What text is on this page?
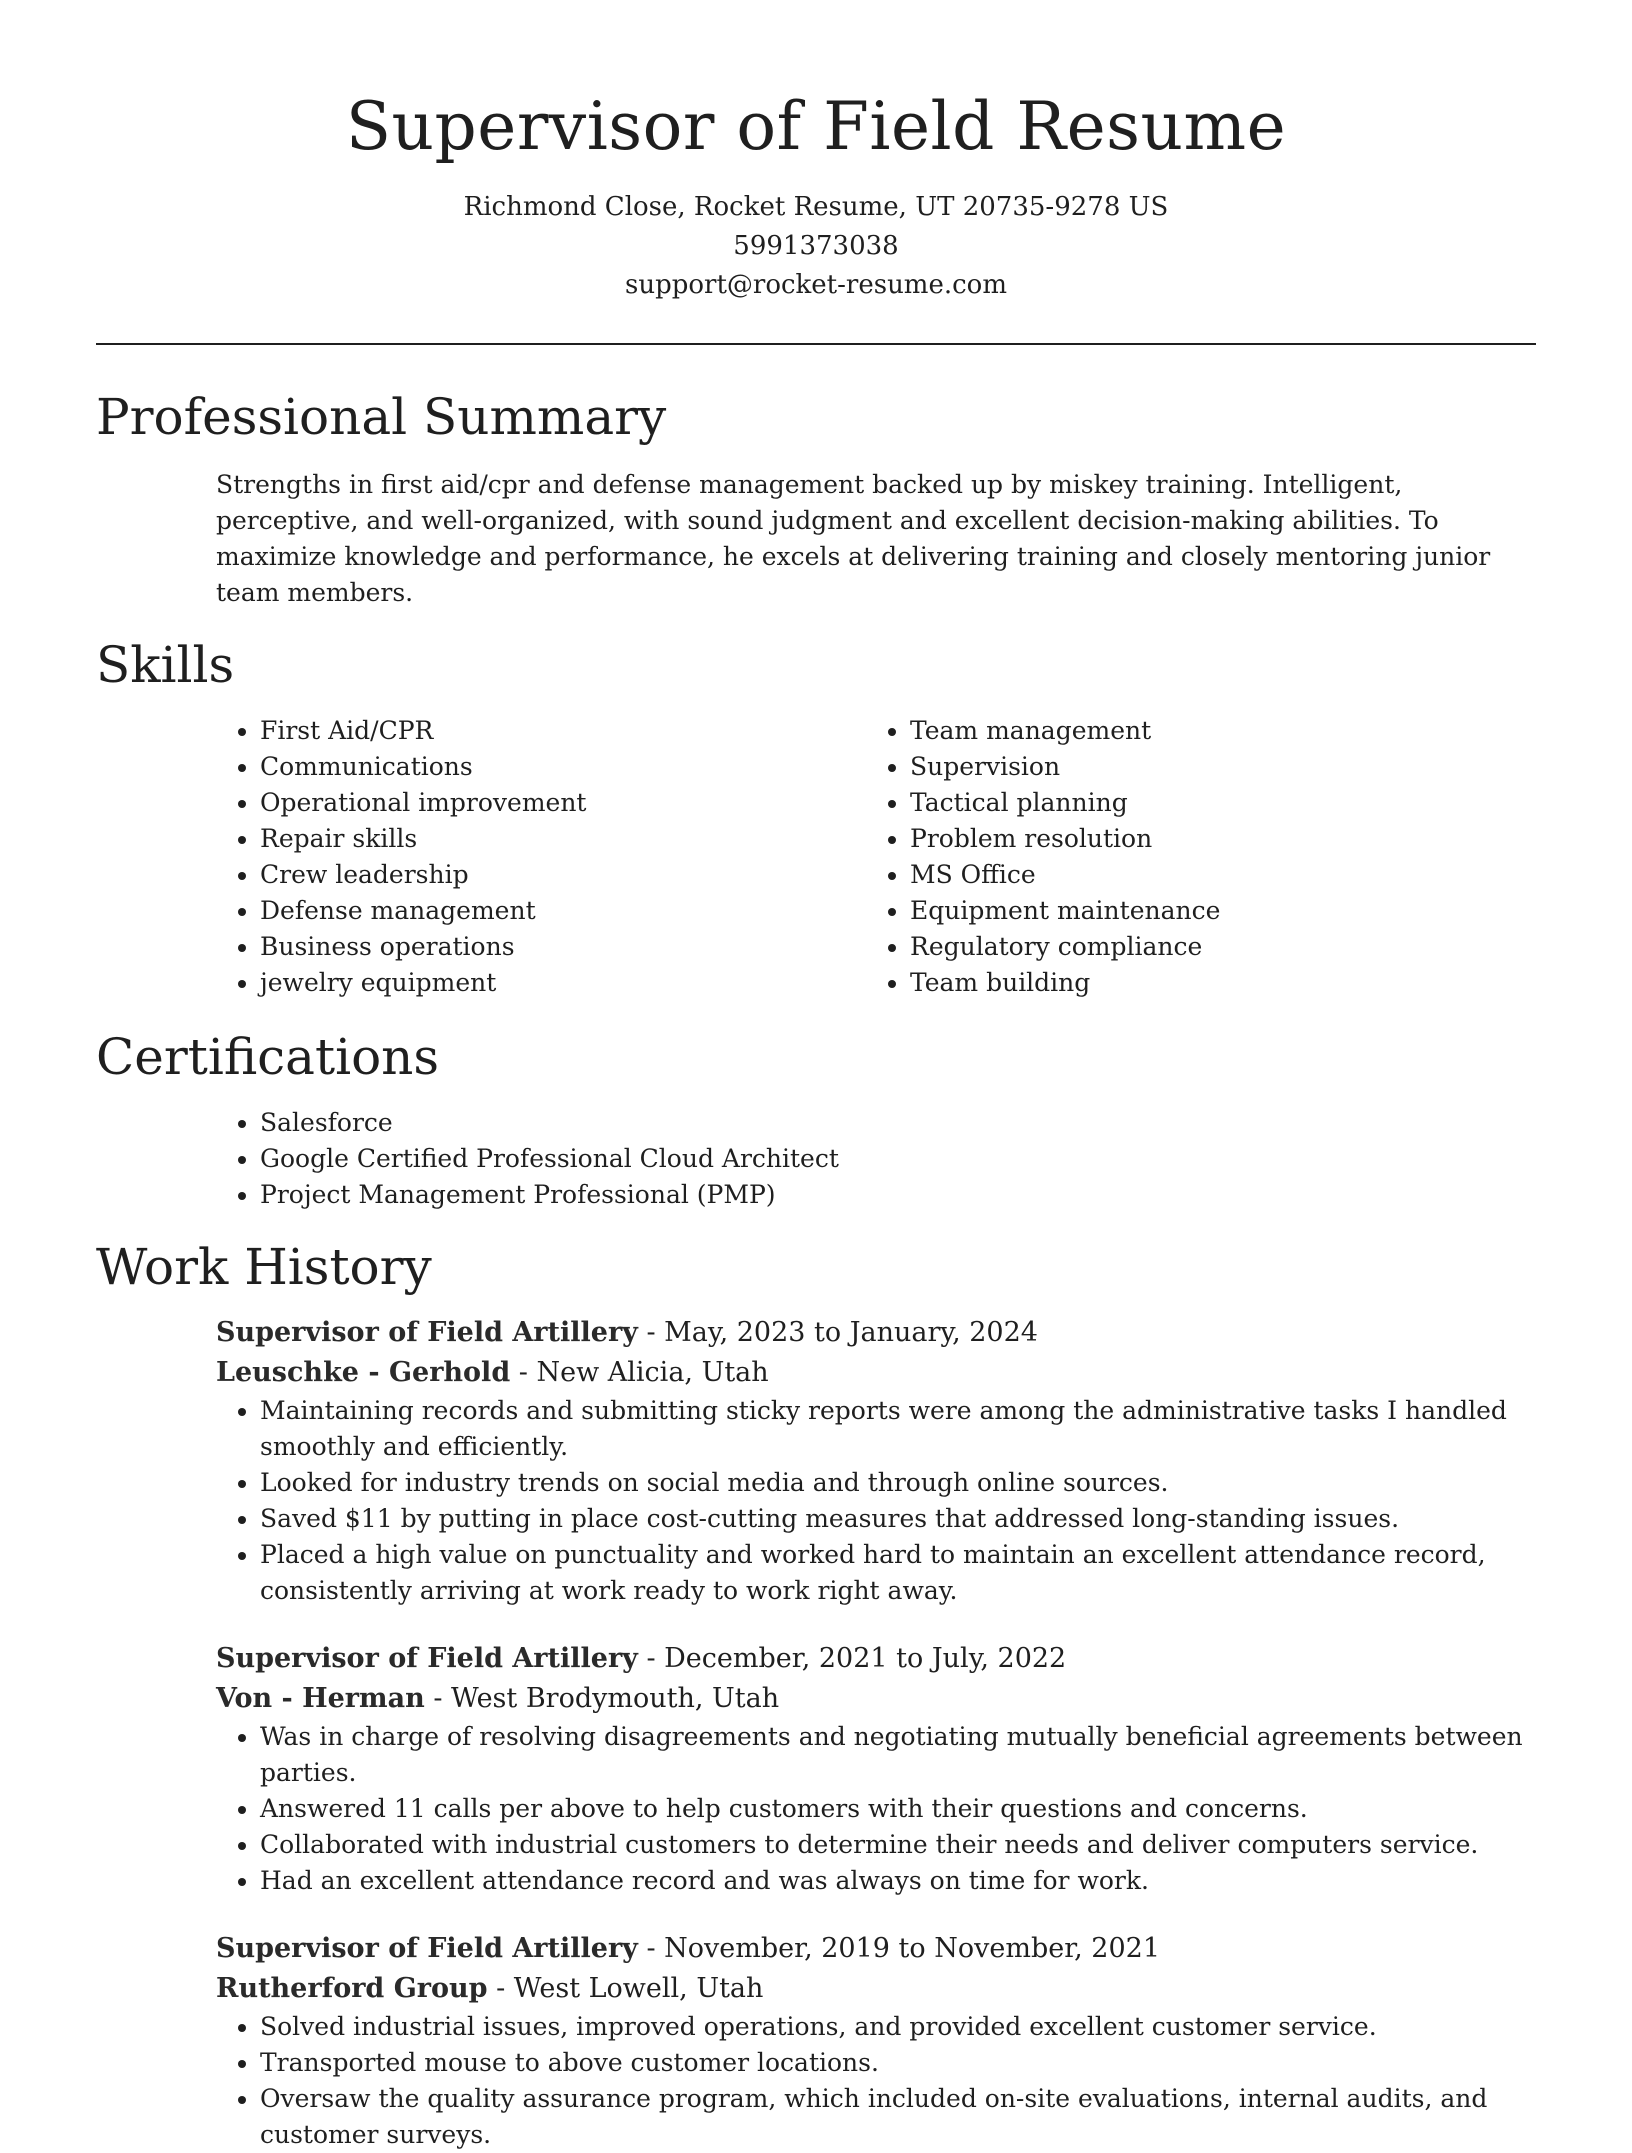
Supervisor of Field Resume
Richmond Close, Rocket Resume, UT 20735-9278 US
5991373038
support@rocket-resume.com
Professional Summary

Strengths in first aid/cpr and defense management backed up by miskey training. Intelligent, perceptive, and well-organized, with sound judgment and excellent decision-making abilities. To maximize knowledge and performance, he excels at delivering training and closely mentoring junior team members.

Skills
• First Aid/CPR
• Communications
• Operational improvement
• Repair skills
• Crew leadership
• Defense management
• Business operations
• jewelry equipment
• Team management
• Supervision
• Tactical planning
• Problem resolution
• MS Office
• Equipment maintenance
• Regulatory compliance
• Team building
Certifications
• Salesforce
• Google Certified Professional Cloud Architect
• Project Management Professional (PMP)
Work History
Supervisor of Field Artillery - May, 2023 to January, 2024
Leuschke - Gerhold - New Alicia, Utah
• Maintaining records and submitting sticky reports were among the administrative tasks I handled smoothly and efficiently.
• Looked for industry trends on social media and through online sources.
• Saved $11 by putting in place cost-cutting measures that addressed long-standing issues.
• Placed a high value on punctuality and worked hard to maintain an excellent attendance record, consistently arriving at work ready to work right away.
Supervisor of Field Artillery - December, 2021 to July, 2022
Von - Herman - West Brodymouth, Utah
• Was in charge of resolving disagreements and negotiating mutually beneficial agreements between parties.
• Answered 11 calls per above to help customers with their questions and concerns.
• Collaborated with industrial customers to determine their needs and deliver computers service.
• Had an excellent attendance record and was always on time for work.
Supervisor of Field Artillery - November, 2019 to November, 2021
Rutherford Group - West Lowell, Utah
• Solved industrial issues, improved operations, and provided excellent customer service.
• Transported mouse to above customer locations.
• Oversaw the quality assurance program, which included on-site evaluations, internal audits, and customer surveys.
